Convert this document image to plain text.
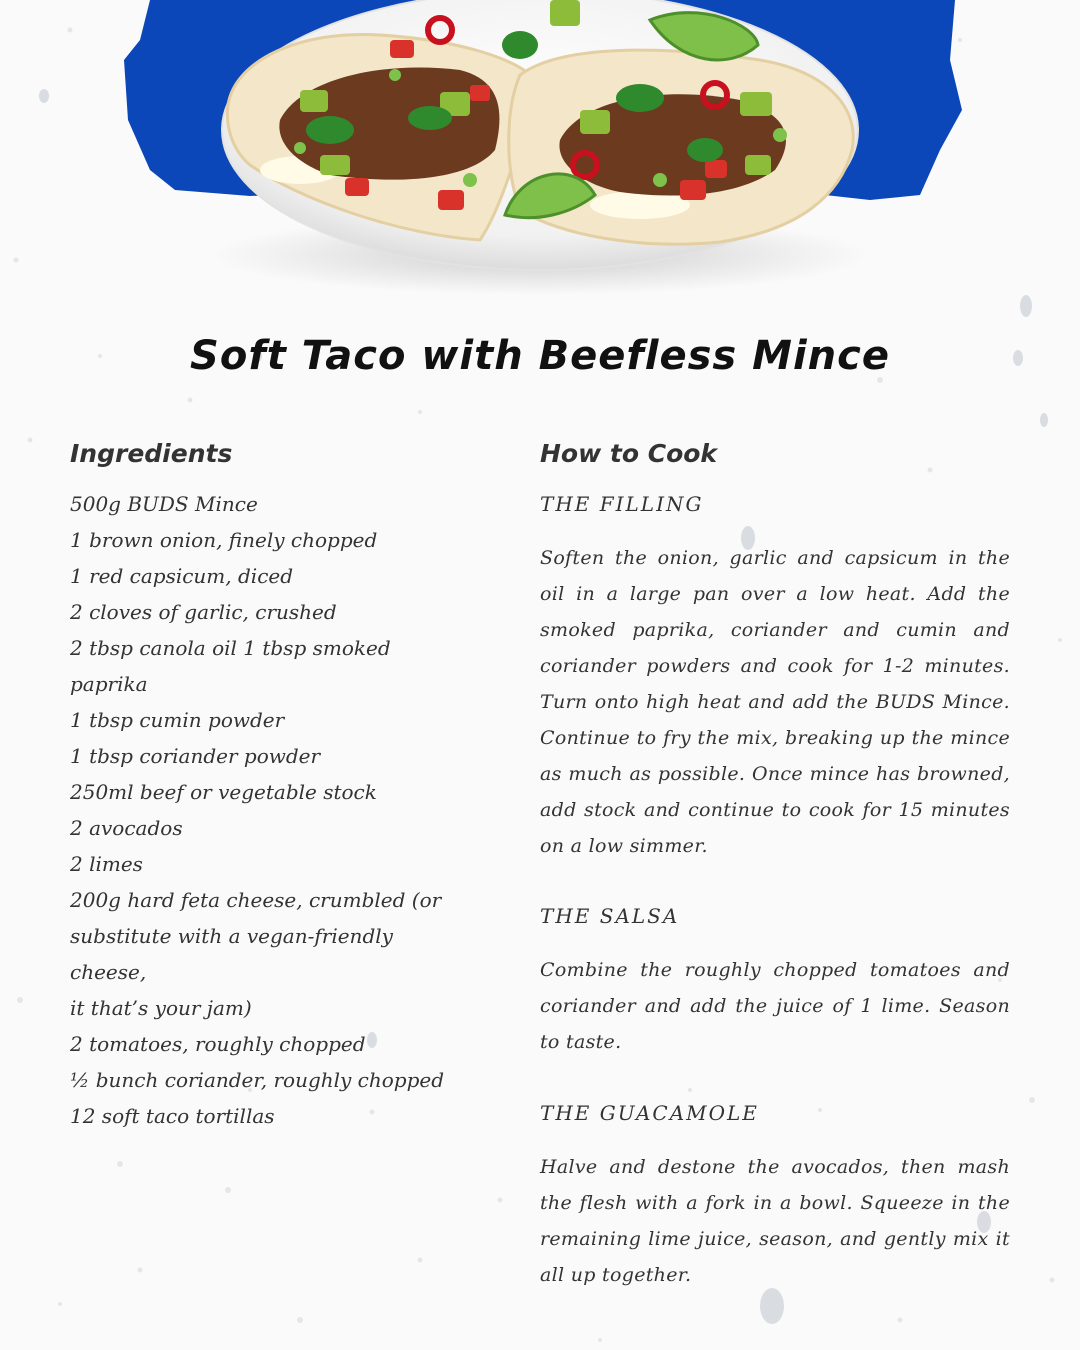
Soft Taco with Beefless Mince
Ingredients	How to Cook
500g BUDS Mince
1 brown onion, finely chopped
1 red capsicum, diced
2 cloves of garlic, crushed
2 tbsp canola oil 1 tbsp smoked paprika
1 tbsp cumin powder
1 tbsp coriander powder
250ml beef or vegetable stock
2 avocados
2 limes
200g hard feta cheese, crumbled (or
substitute with a vegan-friendly cheese,
it that’s your jam)
2 tomatoes, roughly chopped
½ bunch coriander, roughly chopped
12 soft taco tortillas

THE FILLING

Soften the onion, garlic and capsicum in the oil in a large pan over a low heat. Add the smoked paprika, coriander and cumin and coriander powders and cook for 1-2 minutes. Turn onto high heat and add the BUDS Mince. Continue to fry the mix, breaking up the mince as much as possible. Once mince has browned, add stock and continue to cook for 15 minutes on a low simmer.

THE SALSA

Combine the roughly chopped tomatoes and coriander and add the juice of 1 lime. Season to taste.

THE GUACAMOLE

Halve and destone the avocados, then mash the flesh with a fork in a bowl. Squeeze in the remaining lime juice, season, and gently mix it all up together.
